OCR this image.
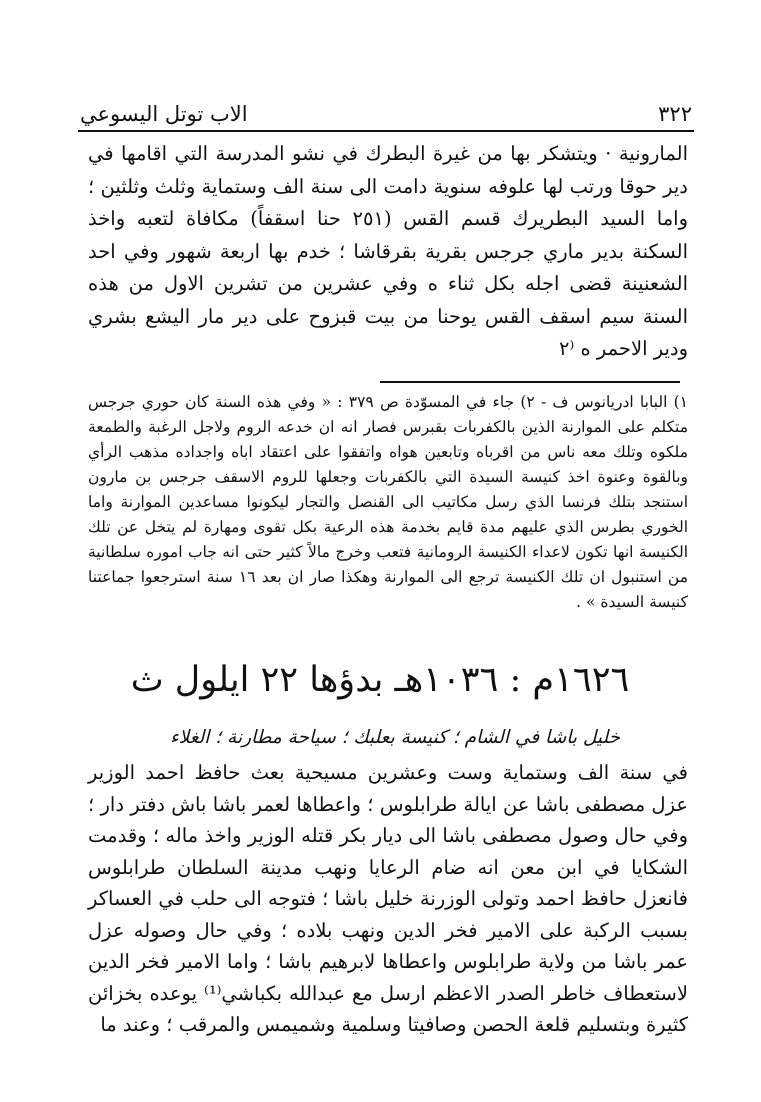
٣٢٢
الاب توتل اليسوعي

المارونية · ويتشكر بها من غيرة البطرك في نشو المدرسة التي اقامها في دير حوقا ورتب لها علوفه سنوية دامت الى سنة الف وستماية وثلث وثلثين ؛ واما السيد البطريرك قسم القس (٢٥١ حنا اسقفاً) مكافاة لتعبه واخذ السكنة بدير ماري جرجس بقرية بقرقاشا ؛ خدم بها اربعة شهور وفي احد الشعنينة قضى اجله بكل ثناء ه وفي عشرين من تشرين الاول من هذه السنة سيم اسقف القس يوحنا من بيت قبزوح على دير مار اليشع بشري ودير الاحمر ه ⁽٢

١) البابا ادريانوس ف - ٢) جاء في المسوّدة ص ٣٧٩ : « وفي هذه السنة كان حوري جرجس متكلم على الموارنة الذين بالكفربات بقبرس فصار انه ان خدعه الروم ولاجل الرغبة والطمعة ملكوه وتلك معه ناس من اقرباه وتابعين هواه واتفقوا على اعتقاد اباه واجداده مذهب الرأي وبالقوة وعنوة اخذ كنيسة السيدة التي بالكفربات وجعلها للروم الاسقف جرجس بن مارون استنجد بتلك فرنسا الذي رسل مكاتيب الى القنصل والتجار ليكونوا مساعدين الموارنة واما الخوري بطرس الذي عليهم مدة قايم بخدمة هذه الرعية بكل تقوى ومهارة لم يتخل عن تلك الكنيسة انها تكون لاعداء الكنيسة الرومانية فتعب وخرج مالاً كثير حتى انه جاب اموره سلطانية من استنبول ان تلك الكنيسة ترجع الى الموارنة وهكذا صار ان بعد ١٦ سنة استرجعوا جماعتنا كنيسة السيدة » .

١٦٢٦م : ١٠٣٦هـ بدؤها ٢٢ ايلول ث
خليل باشا في الشام ؛ كنيسة بعلبك ؛ سياحة مطارنة ؛ الغلاء

في سنة الف وستماية وست وعشرين مسيحية بعث حافظ احمد الوزير عزل مصطفى باشا عن ايالة طرابلوس ؛ واعطاها لعمر باشا باش دفتر دار ؛ وفي حال وصول مصطفى باشا الى ديار بكر قتله الوزير واخذ ماله ؛ وقدمت الشكايا في ابن معن انه ضام الرعايا ونهب مدينة السلطان طرابلوس فانعزل حافظ احمد وتولى الوزرنة خليل باشا ؛ فتوجه الى حلب في العساكر بسبب الركبة على الامير فخر الدين ونهب بلاده ؛ وفي حال وصوله عزل عمر باشا من ولاية طرابلوس واعطاها لابرهيم باشا ؛ واما الامير فخر الدين لاستعطاف خاطر الصدر الاعظم ارسل مع عبدالله بكباشي⁽¹⁾ يوعده بخزائن كثيرة وبتسليم قلعة الحصن وصافيتا وسلمية وشميمس والمرقب ؛ وعند ما
